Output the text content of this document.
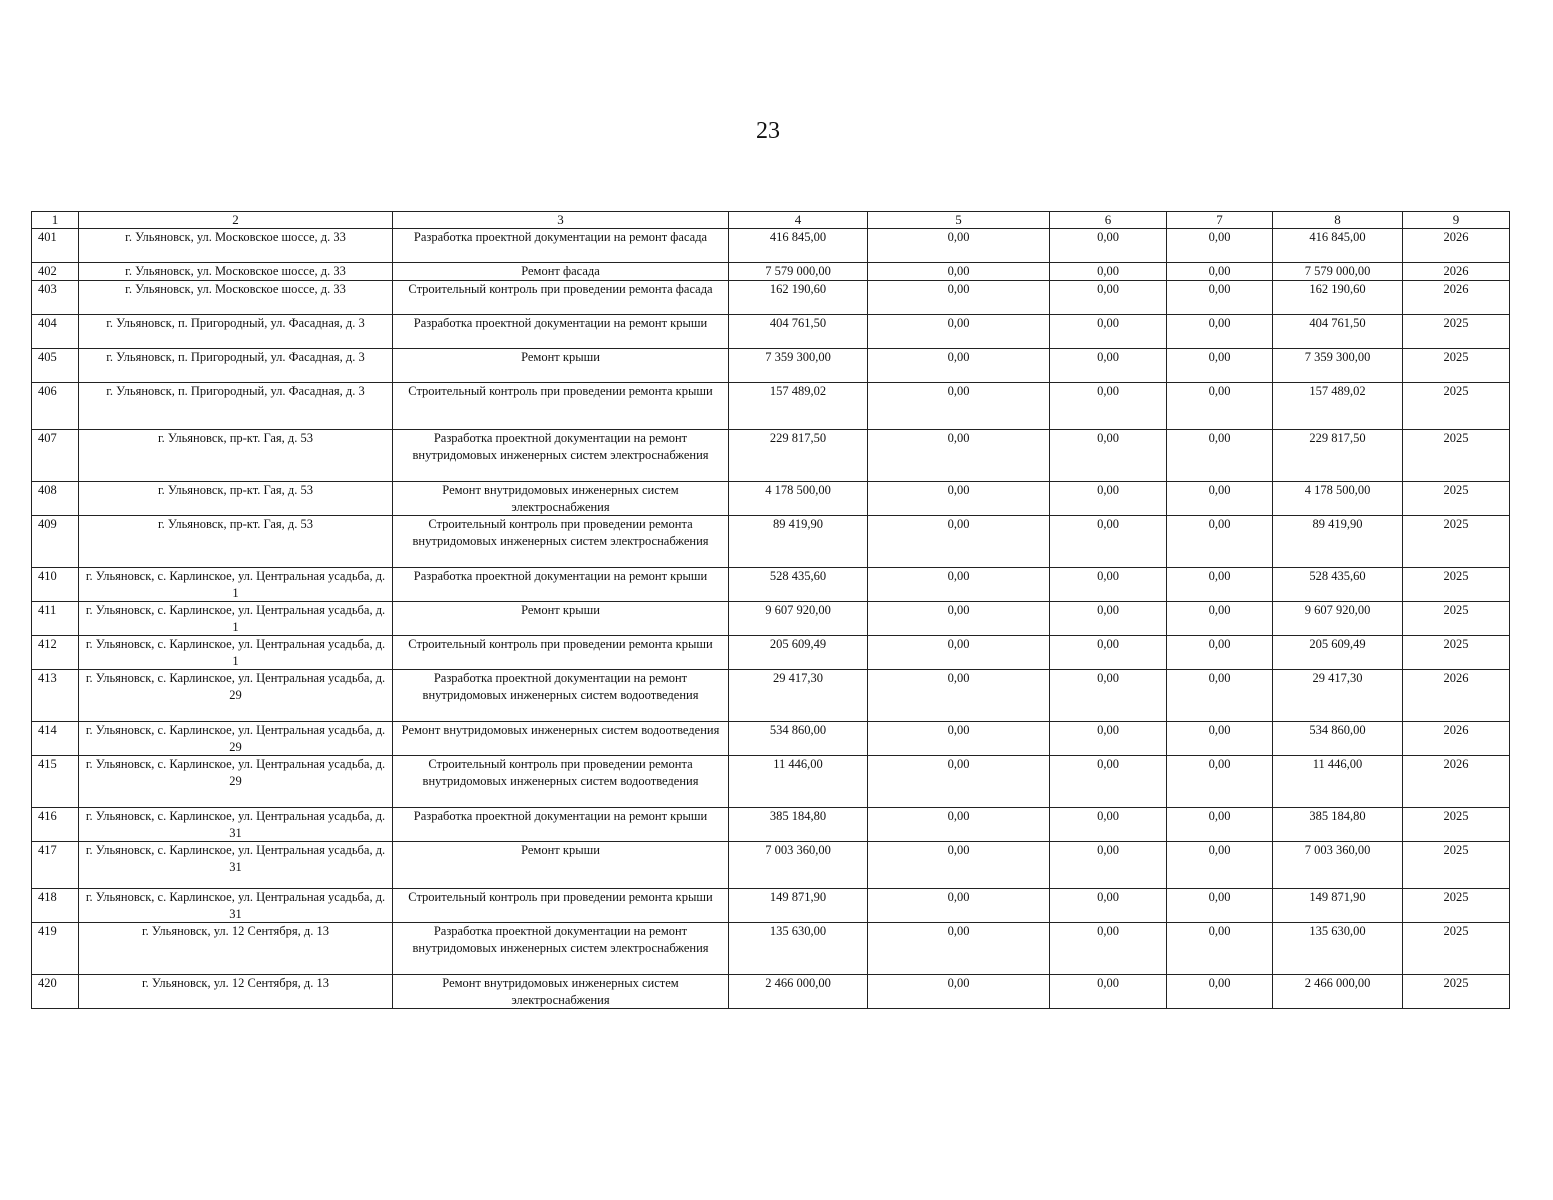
23
1	2	3	4	5	6	7	8	9
401	г. Ульяновск, ул. Московское шоссе, д. 33	Разработка проектной документации на ремонт фасада	416 845,00	0,00	0,00	0,00	416 845,00	2026
402	г. Ульяновск, ул. Московское шоссе, д. 33	Ремонт фасада	7 579 000,00	0,00	0,00	0,00	7 579 000,00	2026
403	г. Ульяновск, ул. Московское шоссе, д. 33	Строительный контроль при проведении ремонта фасада	162 190,60	0,00	0,00	0,00	162 190,60	2026
404	г. Ульяновск, п. Пригородный, ул. Фасадная, д. 3	Разработка проектной документации на ремонт крыши	404 761,50	0,00	0,00	0,00	404 761,50	2025
405	г. Ульяновск, п. Пригородный, ул. Фасадная, д. 3	Ремонт крыши	7 359 300,00	0,00	0,00	0,00	7 359 300,00	2025
406	г. Ульяновск, п. Пригородный, ул. Фасадная, д. 3	Строительный контроль при проведении ремонта крыши	157 489,02	0,00	0,00	0,00	157 489,02	2025
407	г. Ульяновск, пр-кт. Гая, д. 53	Разработка проектной документации на ремонт внутридомовых инженерных систем электроснабжения	229 817,50	0,00	0,00	0,00	229 817,50	2025
408	г. Ульяновск, пр-кт. Гая, д. 53	Ремонт внутридомовых инженерных систем электроснабжения	4 178 500,00	0,00	0,00	0,00	4 178 500,00	2025
409	г. Ульяновск, пр-кт. Гая, д. 53	Строительный контроль при проведении ремонта внутридомовых инженерных систем электроснабжения	89 419,90	0,00	0,00	0,00	89 419,90	2025
410	г. Ульяновск, с. Карлинское, ул. Центральная усадьба, д. 1	Разработка проектной документации на ремонт крыши	528 435,60	0,00	0,00	0,00	528 435,60	2025
411	г. Ульяновск, с. Карлинское, ул. Центральная усадьба, д. 1	Ремонт крыши	9 607 920,00	0,00	0,00	0,00	9 607 920,00	2025
412	г. Ульяновск, с. Карлинское, ул. Центральная усадьба, д. 1	Строительный контроль при проведении ремонта крыши	205 609,49	0,00	0,00	0,00	205 609,49	2025
413	г. Ульяновск, с. Карлинское, ул. Центральная усадьба, д. 29	Разработка проектной документации на ремонт внутридомовых инженерных систем водоотведения	29 417,30	0,00	0,00	0,00	29 417,30	2026
414	г. Ульяновск, с. Карлинское, ул. Центральная усадьба, д. 29	Ремонт внутридомовых инженерных систем водоотведения	534 860,00	0,00	0,00	0,00	534 860,00	2026
415	г. Ульяновск, с. Карлинское, ул. Центральная усадьба, д. 29	Строительный контроль при проведении ремонта внутридомовых инженерных систем водоотведения	11 446,00	0,00	0,00	0,00	11 446,00	2026
416	г. Ульяновск, с. Карлинское, ул. Центральная усадьба, д. 31	Разработка проектной документации на ремонт крыши	385 184,80	0,00	0,00	0,00	385 184,80	2025
417	г. Ульяновск, с. Карлинское, ул. Центральная усадьба, д. 31	Ремонт крыши	7 003 360,00	0,00	0,00	0,00	7 003 360,00	2025
418	г. Ульяновск, с. Карлинское, ул. Центральная усадьба, д. 31	Строительный контроль при проведении ремонта крыши	149 871,90	0,00	0,00	0,00	149 871,90	2025
419	г. Ульяновск, ул. 12 Сентября, д. 13	Разработка проектной документации на ремонт внутридомовых инженерных систем электроснабжения	135 630,00	0,00	0,00	0,00	135 630,00	2025
420	г. Ульяновск, ул. 12 Сентября, д. 13	Ремонт внутридомовых инженерных систем электроснабжения	2 466 000,00	0,00	0,00	0,00	2 466 000,00	2025
